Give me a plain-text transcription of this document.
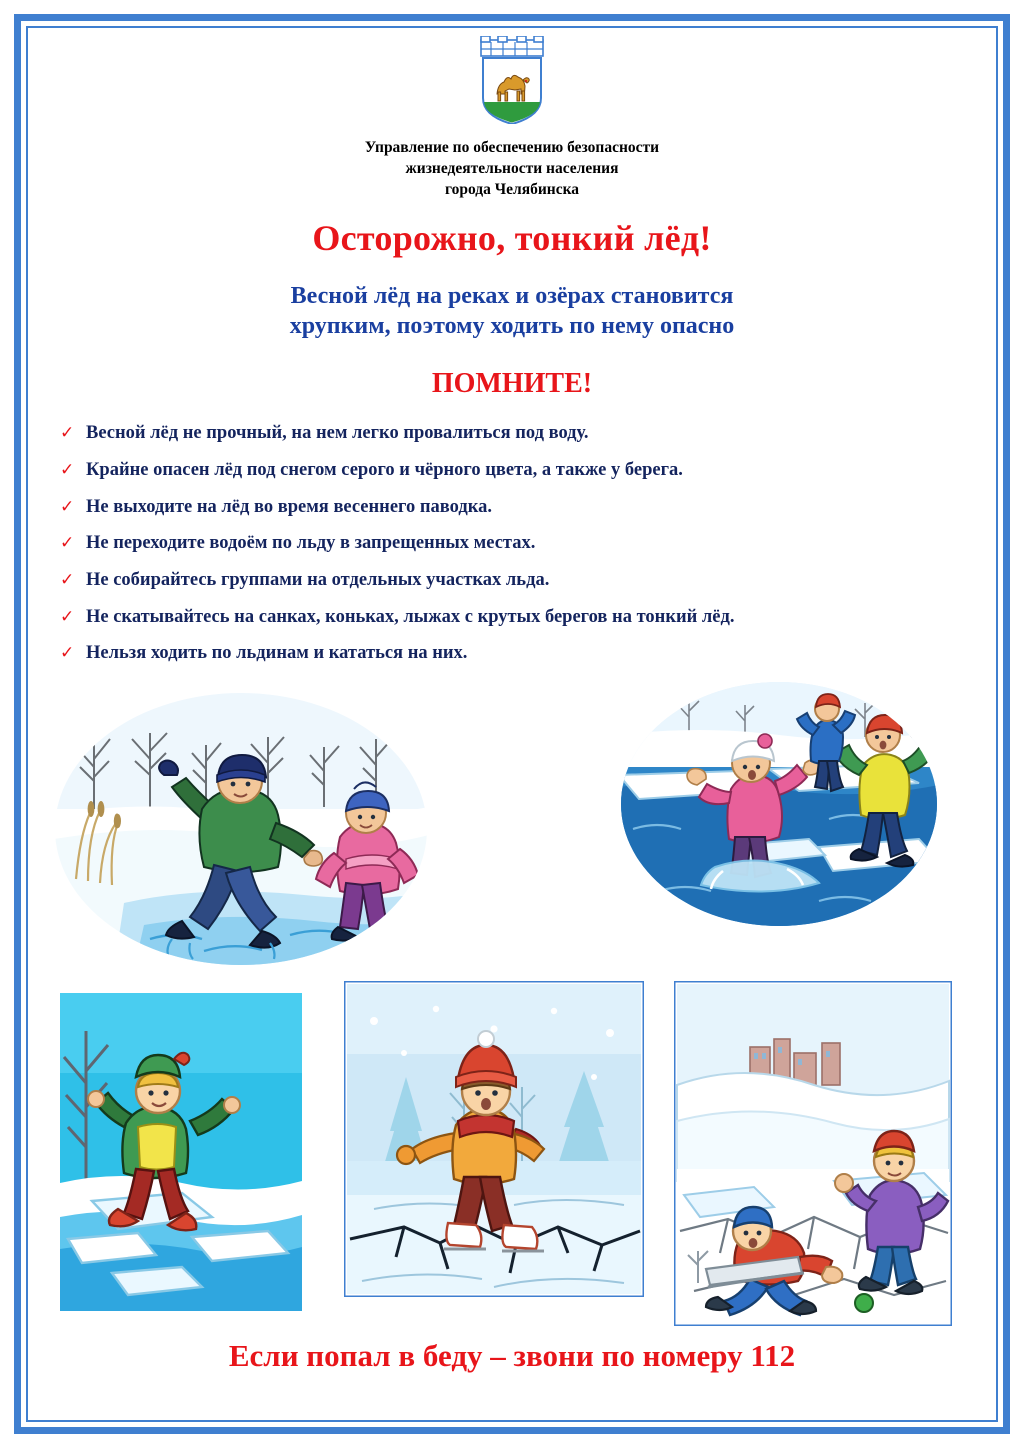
Управление по обеспечению безопасности
жизнедеятельности населения
города Челябинска
Осторожно, тонкий лёд!
Весной лёд на реках и озёрах становится
хрупким, поэтому ходить по нему опасно
ПОМНИТЕ!
✓ Весной лёд не прочный, на нем легко провалиться под воду.
✓ Крайне опасен лёд под снегом серого и чёрного цвета, а также у берега.
✓ Не выходите на лёд во время весеннего паводка.
✓ Не переходите водоём по льду в запрещенных местах.
✓ Не собирайтесь группами на отдельных участках льда.
✓ Не скатывайтесь на санках, коньках, лыжах с крутых берегов на тонкий лёд.
✓ Нельзя ходить по льдинам и кататься на них.
Если попал в беду – звони по номеру 112
